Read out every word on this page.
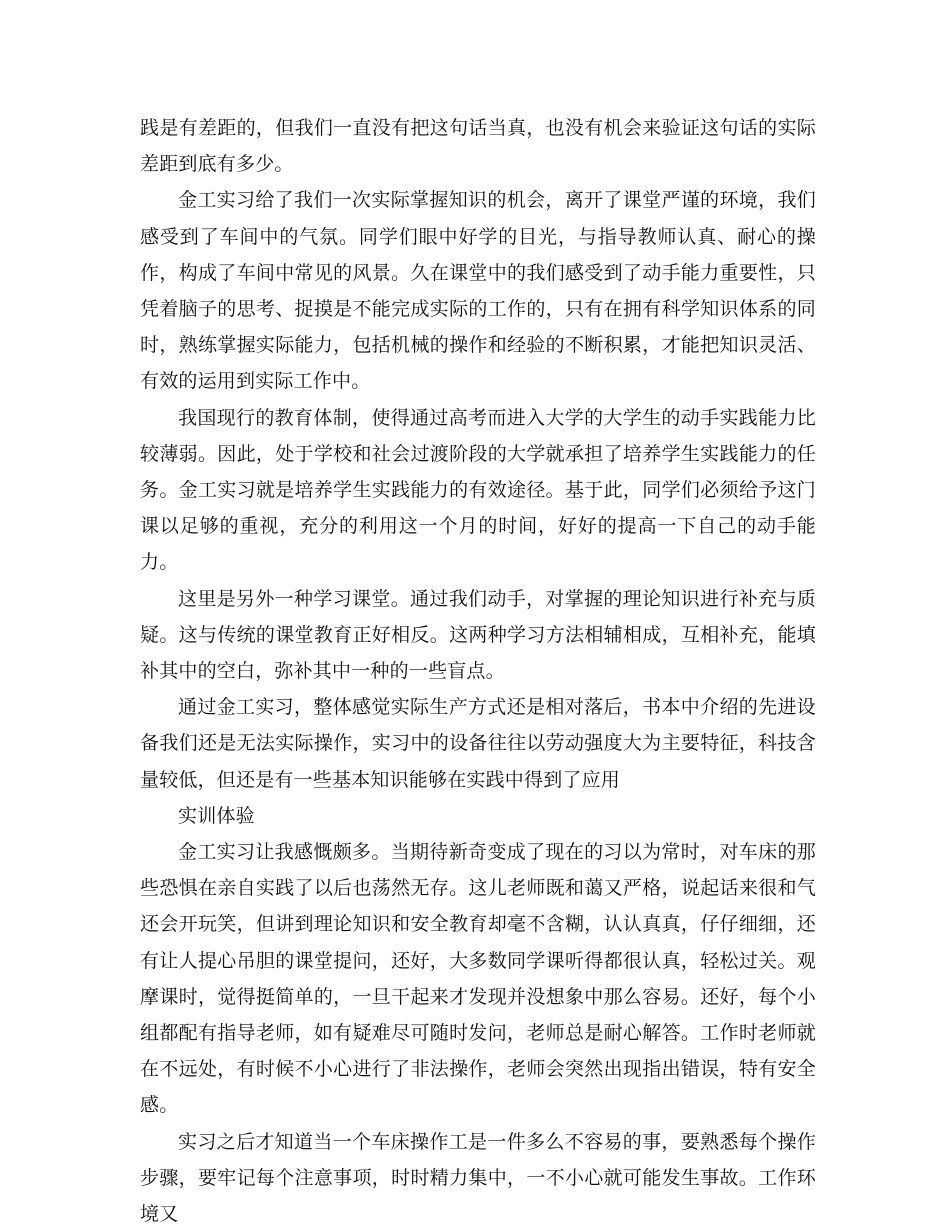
践是有差距的，但我们一直没有把这句话当真，也没有机会来验证这句话的实际差距到底有多少。

金工实习给了我们一次实际掌握知识的机会，离开了课堂严谨的环境，我们感受到了车间中的气氛。同学们眼中好学的目光，与指导教师认真、耐心的操作，构成了车间中常见的风景。久在课堂中的我们感受到了动手能力重要性，只凭着脑子的思考、捉摸是不能完成实际的工作的，只有在拥有科学知识体系的同时，熟练掌握实际能力，包括机械的操作和经验的不断积累，才能把知识灵活、有效的运用到实际工作中。

我国现行的教育体制，使得通过高考而进入大学的大学生的动手实践能力比较薄弱。因此，处于学校和社会过渡阶段的大学就承担了培养学生实践能力的任务。金工实习就是培养学生实践能力的有效途径。基于此，同学们必须给予这门课以足够的重视，充分的利用这一个月的时间，好好的提高一下自己的动手能力。

这里是另外一种学习课堂。通过我们动手，对掌握的理论知识进行补充与质疑。这与传统的课堂教育正好相反。这两种学习方法相辅相成，互相补充，能填补其中的空白，弥补其中一种的一些盲点。

通过金工实习，整体感觉实际生产方式还是相对落后，书本中介绍的先进设备我们还是无法实际操作，实习中的设备往往以劳动强度大为主要特征，科技含量较低，但还是有一些基本知识能够在实践中得到了应用

实训体验

金工实习让我感慨颇多。当期待新奇变成了现在的习以为常时，对车床的那些恐惧在亲自实践了以后也荡然无存。这儿老师既和蔼又严格，说起话来很和气还会开玩笑，但讲到理论知识和安全教育却毫不含糊，认认真真，仔仔细细，还有让人提心吊胆的课堂提问，还好，大多数同学课听得都很认真，轻松过关。观摩课时，觉得挺简单的，一旦干起来才发现并没想象中那么容易。还好，每个小组都配有指导老师，如有疑难尽可随时发问，老师总是耐心解答。工作时老师就在不远处，有时候不小心进行了非法操作，老师会突然出现指出错误，特有安全感。

实习之后才知道当一个车床操作工是一件多么不容易的事，要熟悉每个操作步骤，要牢记每个注意事项，时时精力集中，一不小心就可能发生事故。工作环境又
